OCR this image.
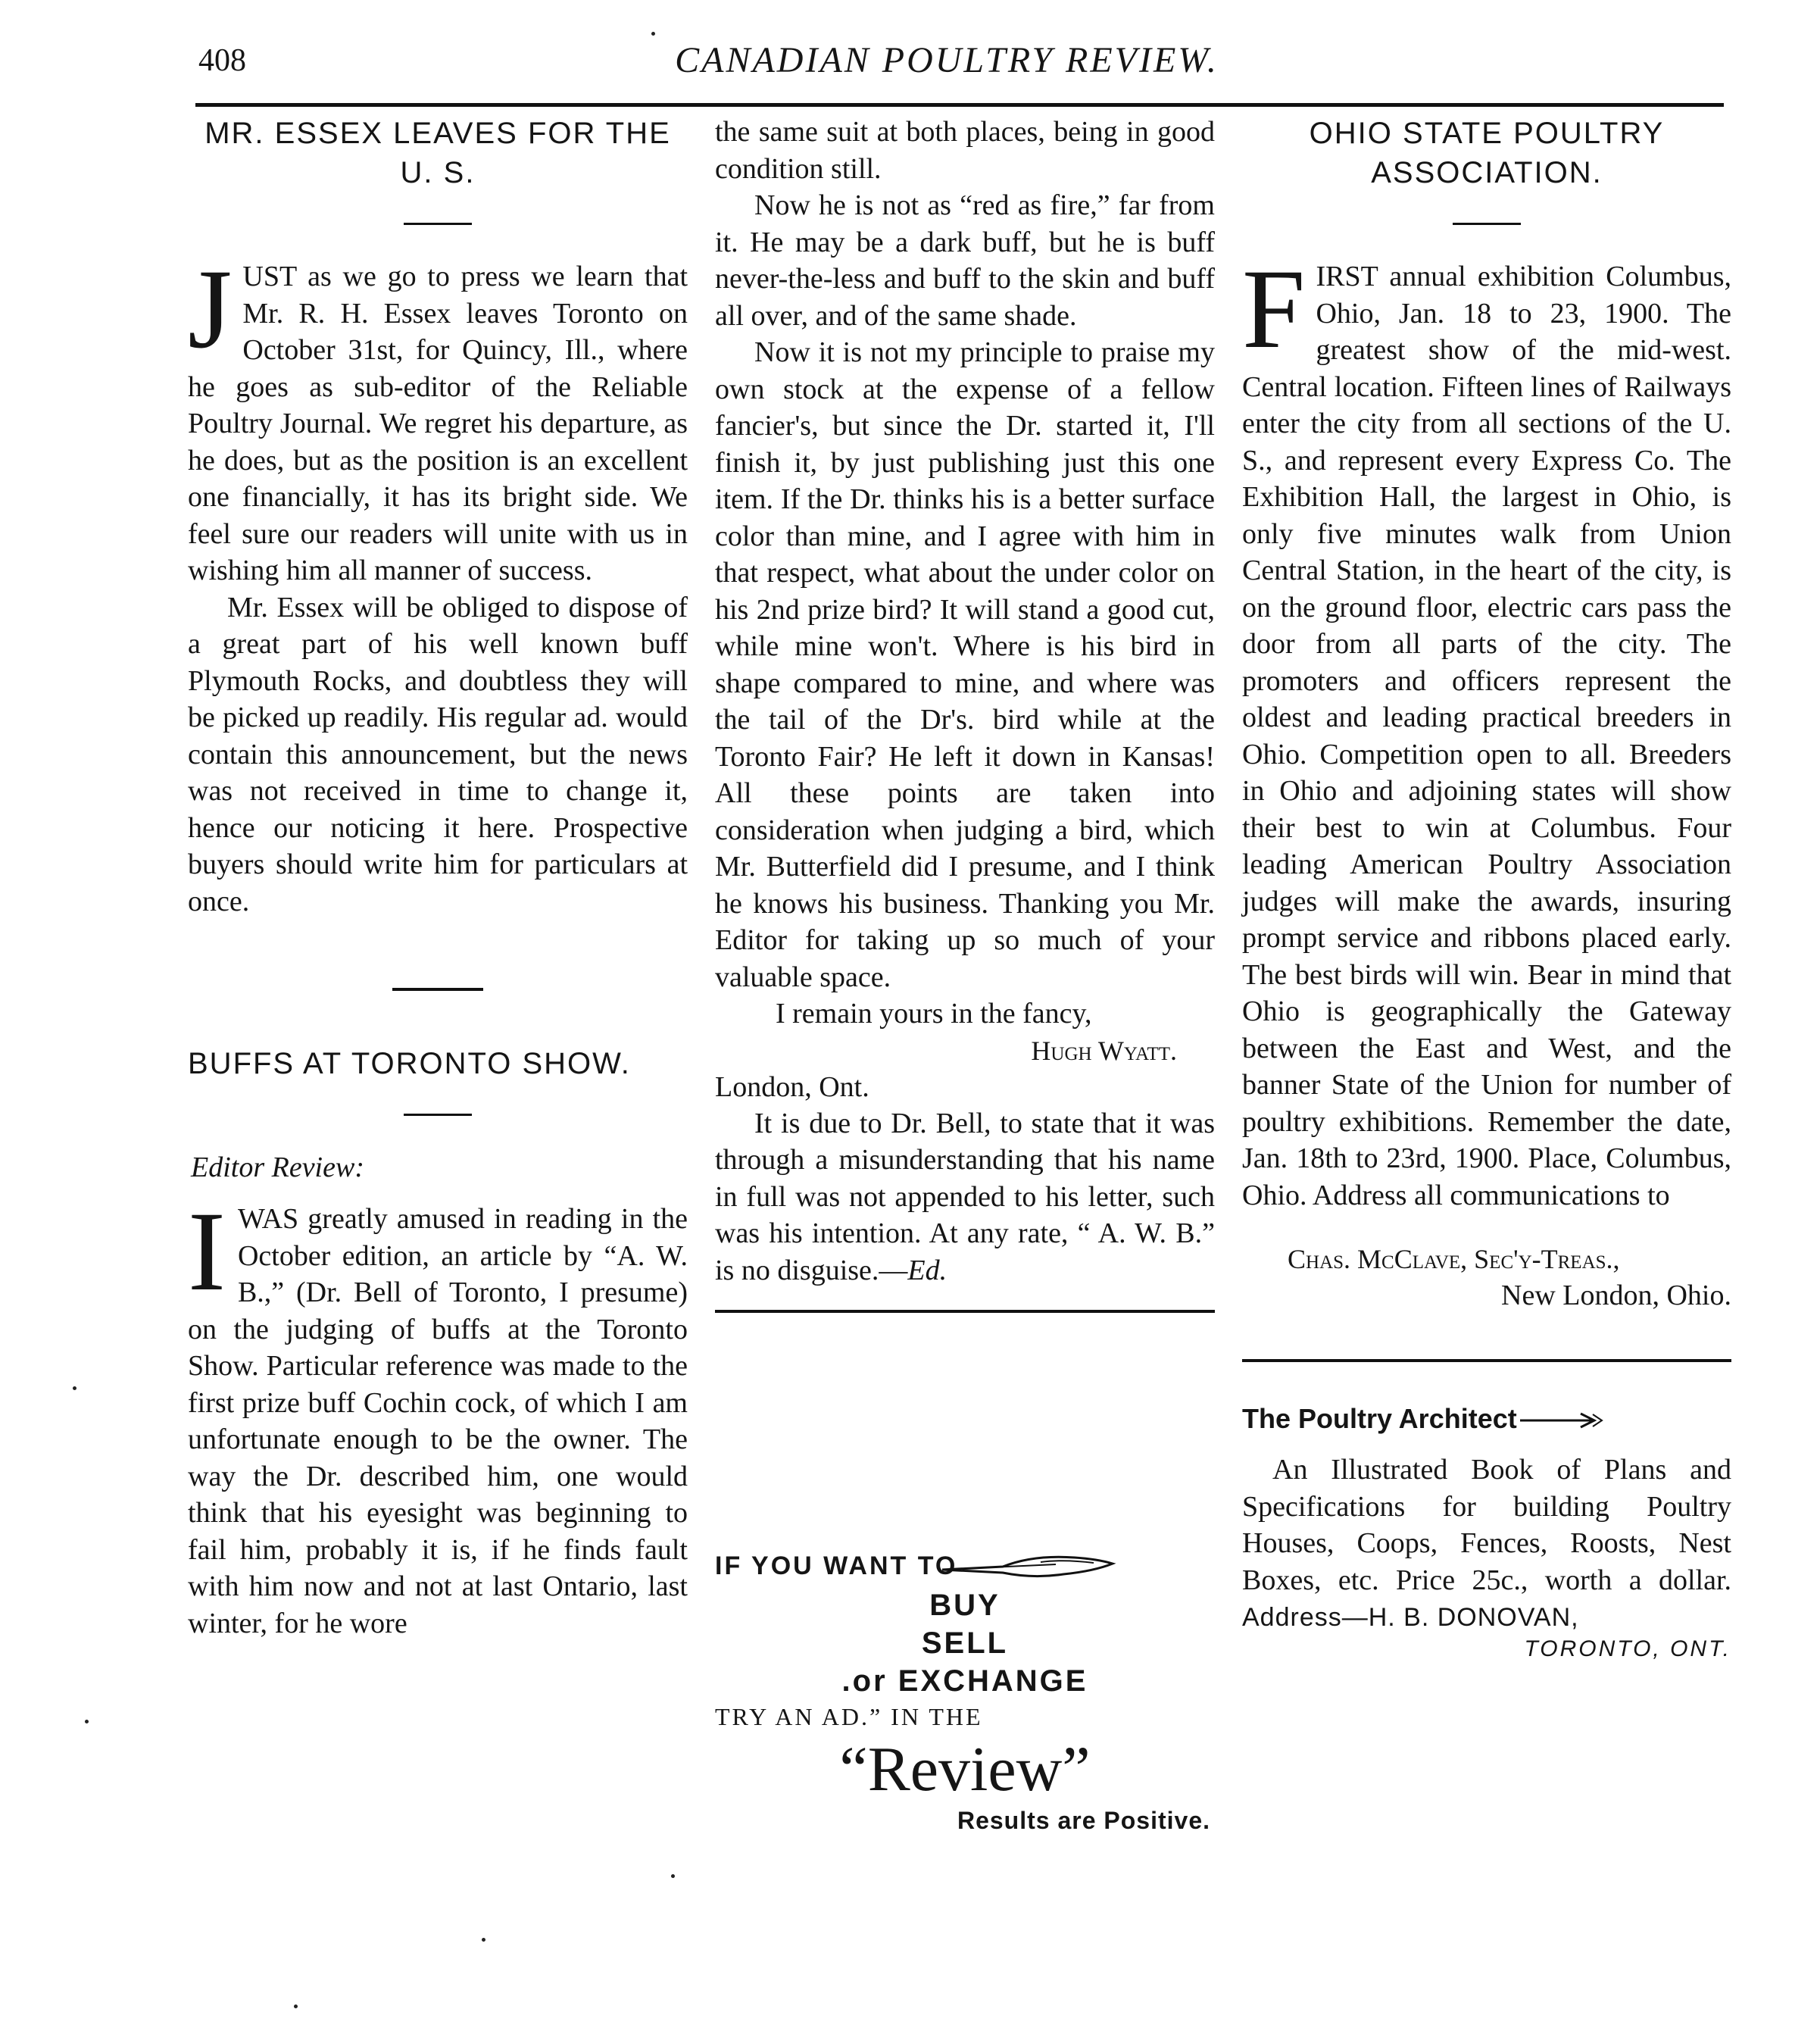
408	CANADIAN POULTRY REVIEW.
MR. ESSEX LEAVES FOR THE U. S.

JUST as we go to press we learn that Mr. R. H. Essex leaves Toronto on October 31st, for Quincy, Ill., where he goes as sub-editor of the Reliable Poultry Journal. We regret his departure, as he does, but as the position is an excellent one financially, it has its bright side. We feel sure our readers will unite with us in wishing him all manner of success.

Mr. Essex will be obliged to dispose of a great part of his well known buff Plymouth Rocks, and doubtless they will be picked up readily. His regular ad. would contain this announcement, but the news was not received in time to change it, hence our noticing it here. Prospective buyers should write him for particulars at once.

BUFFS AT TORONTO SHOW.
Editor Review:

IWAS greatly amused in reading in the October edition, an article by “A. W. B.,” (Dr. Bell of Toronto, I presume) on the judging of buffs at the Toronto Show. Particular reference was made to the first prize buff Cochin cock, of which I am unfortunate enough to be the owner. The way the Dr. described him, one would think that his eyesight was beginning to fail him, probably it is, if he finds fault with him now and not at last Ontario, last winter, for he wore

the same suit at both places, being in good condition still.

Now he is not as “red as fire,” far from it. He may be a dark buff, but he is buff never-the-less and buff to the skin and buff all over, and of the same shade.

Now it is not my principle to praise my own stock at the expense of a fellow fancier's, but since the Dr. started it, I'll finish it, by just publishing just this one item. If the Dr. thinks his is a better surface color than mine, and I agree with him in that respect, what about the under color on his 2nd prize bird? It will stand a good cut, while mine won't. Where is his bird in shape compared to mine, and where was the tail of the Dr's. bird while at the Toronto Fair? He left it down in Kansas! All these points are taken into consideration when judging a bird, which Mr. Butterfield did I presume, and I think he knows his business. Thanking you Mr. Editor for taking up so much of your valuable space.

I remain yours in the fancy,

Hugh Wyatt.
London, Ont.

It is due to Dr. Bell, to state that it was through a misunderstanding that his name in full was not appended to his letter, such was his intention. At any rate, “ A. W. B.” is no disguise.—Ed.

IF YOU WANT TO
BUY
SELL
.or EXCHANGE
TRY AN AD.” IN THE
“Review”
Results are Positive.
OHIO STATE POULTRY ASSOCIATION.

FIRST annual exhibition Columbus, Ohio, Jan. 18 to 23, 1900. The greatest show of the mid-west. Central location. Fifteen lines of Railways enter the city from all sections of the U. S., and represent every Express Co. The Exhibition Hall, the largest in Ohio, is only five minutes walk from Union Central Station, in the heart of the city, is on the ground floor, electric cars pass the door from all parts of the city. The promoters and officers represent the oldest and leading practical breeders in Ohio. Competition open to all. Breeders in Ohio and adjoining states will show their best to win at Columbus. Four leading American Poultry Association judges will make the awards, insuring prompt service and ribbons placed early. The best birds will win. Bear in mind that Ohio is geographically the Gateway between the East and West, and the banner State of the Union for number of poultry exhibitions. Remember the date, Jan. 18th to 23rd, 1900. Place, Columbus, Ohio. Address all communications to

Chas. McClave, Sec'y-Treas.,
New London, Ohio.
The Poultry Architect

An Illustrated Book of Plans and Specifications for building Poultry Houses, Coops, Fences, Roosts, Nest Boxes, etc. Price 25c., worth a dollar. Address—H. B. DONOVAN,

TORONTO, ONT.
